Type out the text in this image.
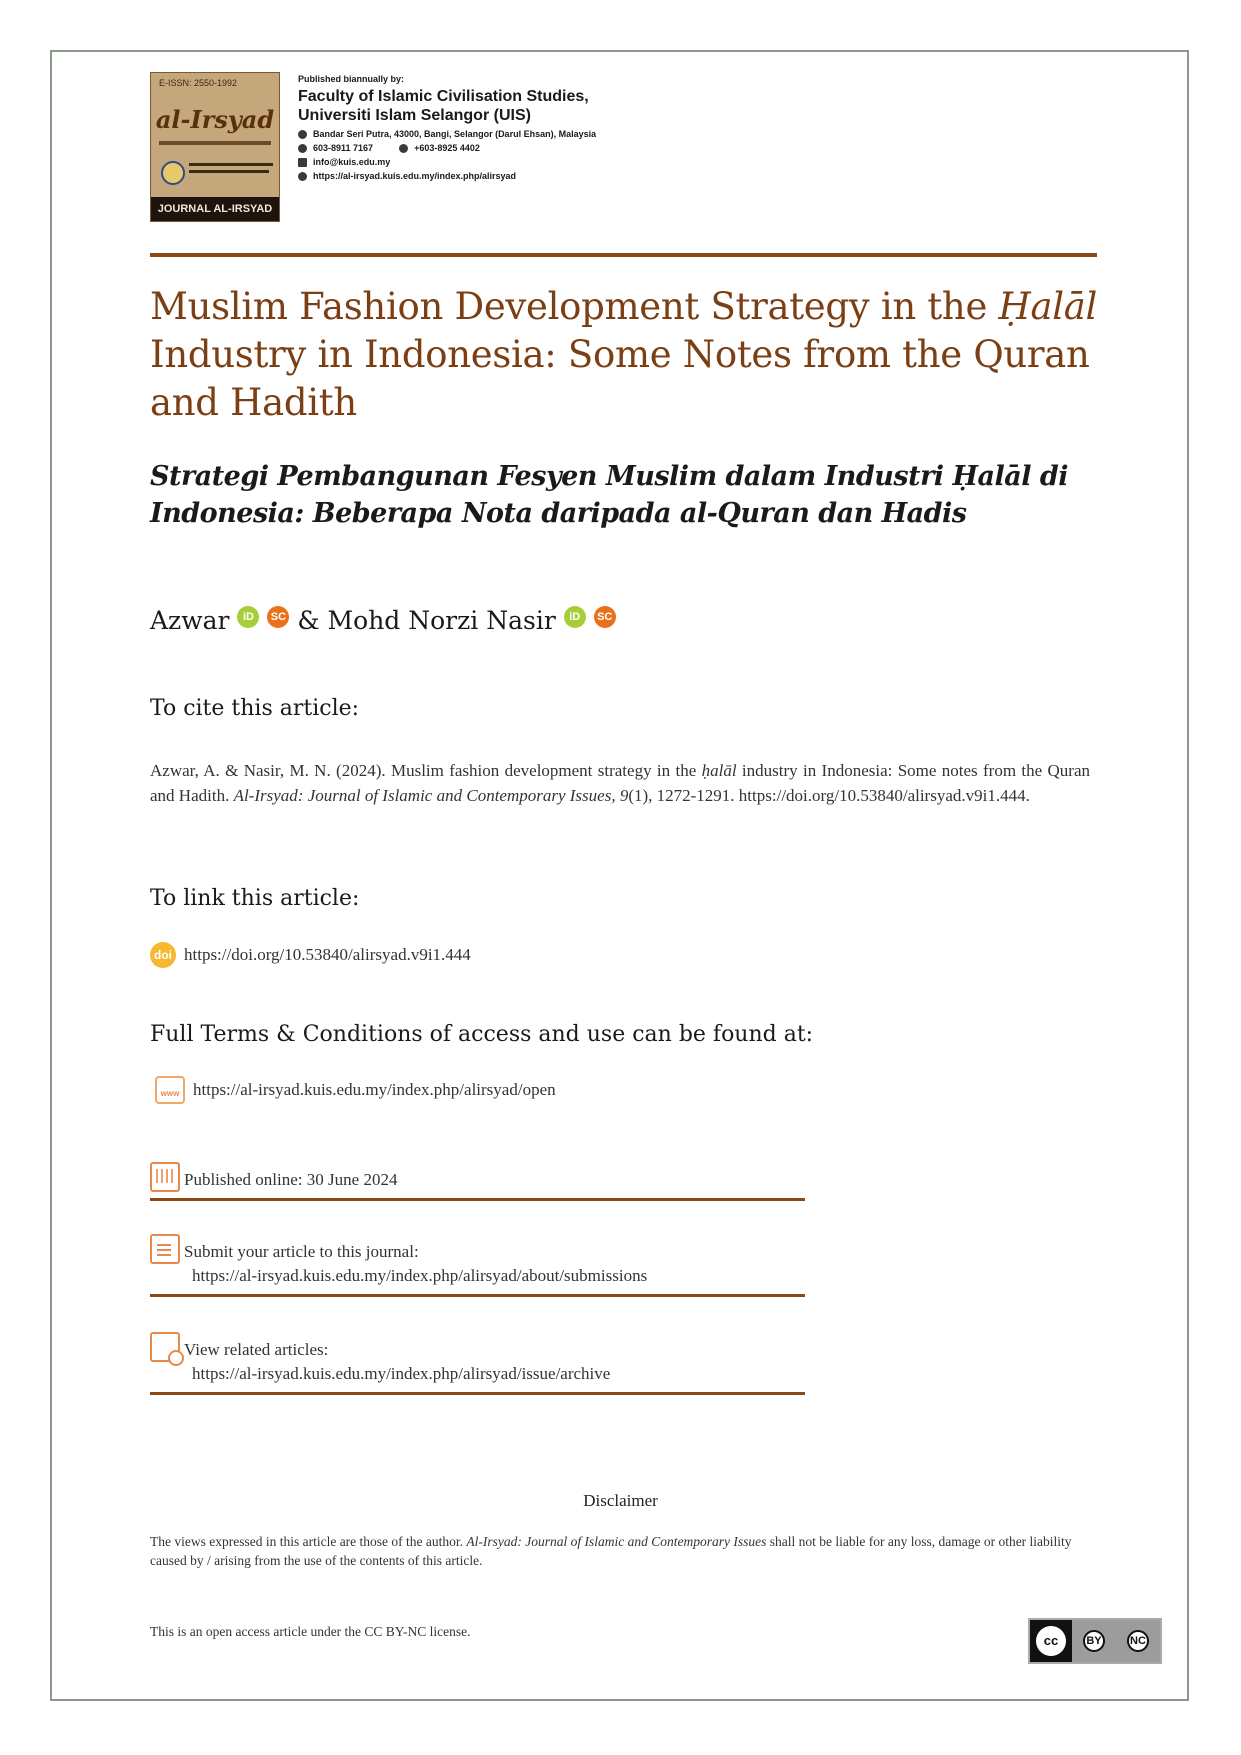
E-ISSN: 2550-1992
al-Irsyad
JOURNAL AL-IRSYAD
Published biannually by:
Faculty of Islamic Civilisation Studies,
Universiti Islam Selangor (UIS)
Bandar Seri Putra, 43000, Bangi, Selangor (Darul Ehsan), Malaysia
603-8911 7167	+603-8925 4402
info@kuis.edu.my
https://al-irsyad.kuis.edu.my/index.php/alirsyad
Muslim Fashion Development Strategy in the Ḥalāl Industry in Indonesia: Some Notes from the Quran and Hadith
Strategi Pembangunan Fesyen Muslim dalam Industri Ḥalāl di Indonesia: Beberapa Nota daripada al-Quran dan Hadis
Azwar iD SC & Mohd Norzi Nasir iD SC
To cite this article:
Azwar, A. & Nasir, M. N. (2024). Muslim fashion development strategy in the ḥalāl industry in Indonesia: Some notes from the Quran and Hadith. Al-Irsyad: Journal of Islamic and Contemporary Issues, 9(1), 1272-1291. https://doi.org/10.53840/alirsyad.v9i1.444.
To link this article:
doi https://doi.org/10.53840/alirsyad.v9i1.444
Full Terms & Conditions of access and use can be found at:
www https://al-irsyad.kuis.edu.my/index.php/alirsyad/open
Published online: 30 June 2024
Submit your article to this journal:
https://al-irsyad.kuis.edu.my/index.php/alirsyad/about/submissions
View related articles:
https://al-irsyad.kuis.edu.my/index.php/alirsyad/issue/archive
Disclaimer
The views expressed in this article are those of the author. Al-Irsyad: Journal of Islamic and Contemporary Issues shall not be liable for any loss, damage or other liability caused by / arising from the use of the contents of this article.
This is an open access article under the CC BY-NC license.
cc	BY	NC
